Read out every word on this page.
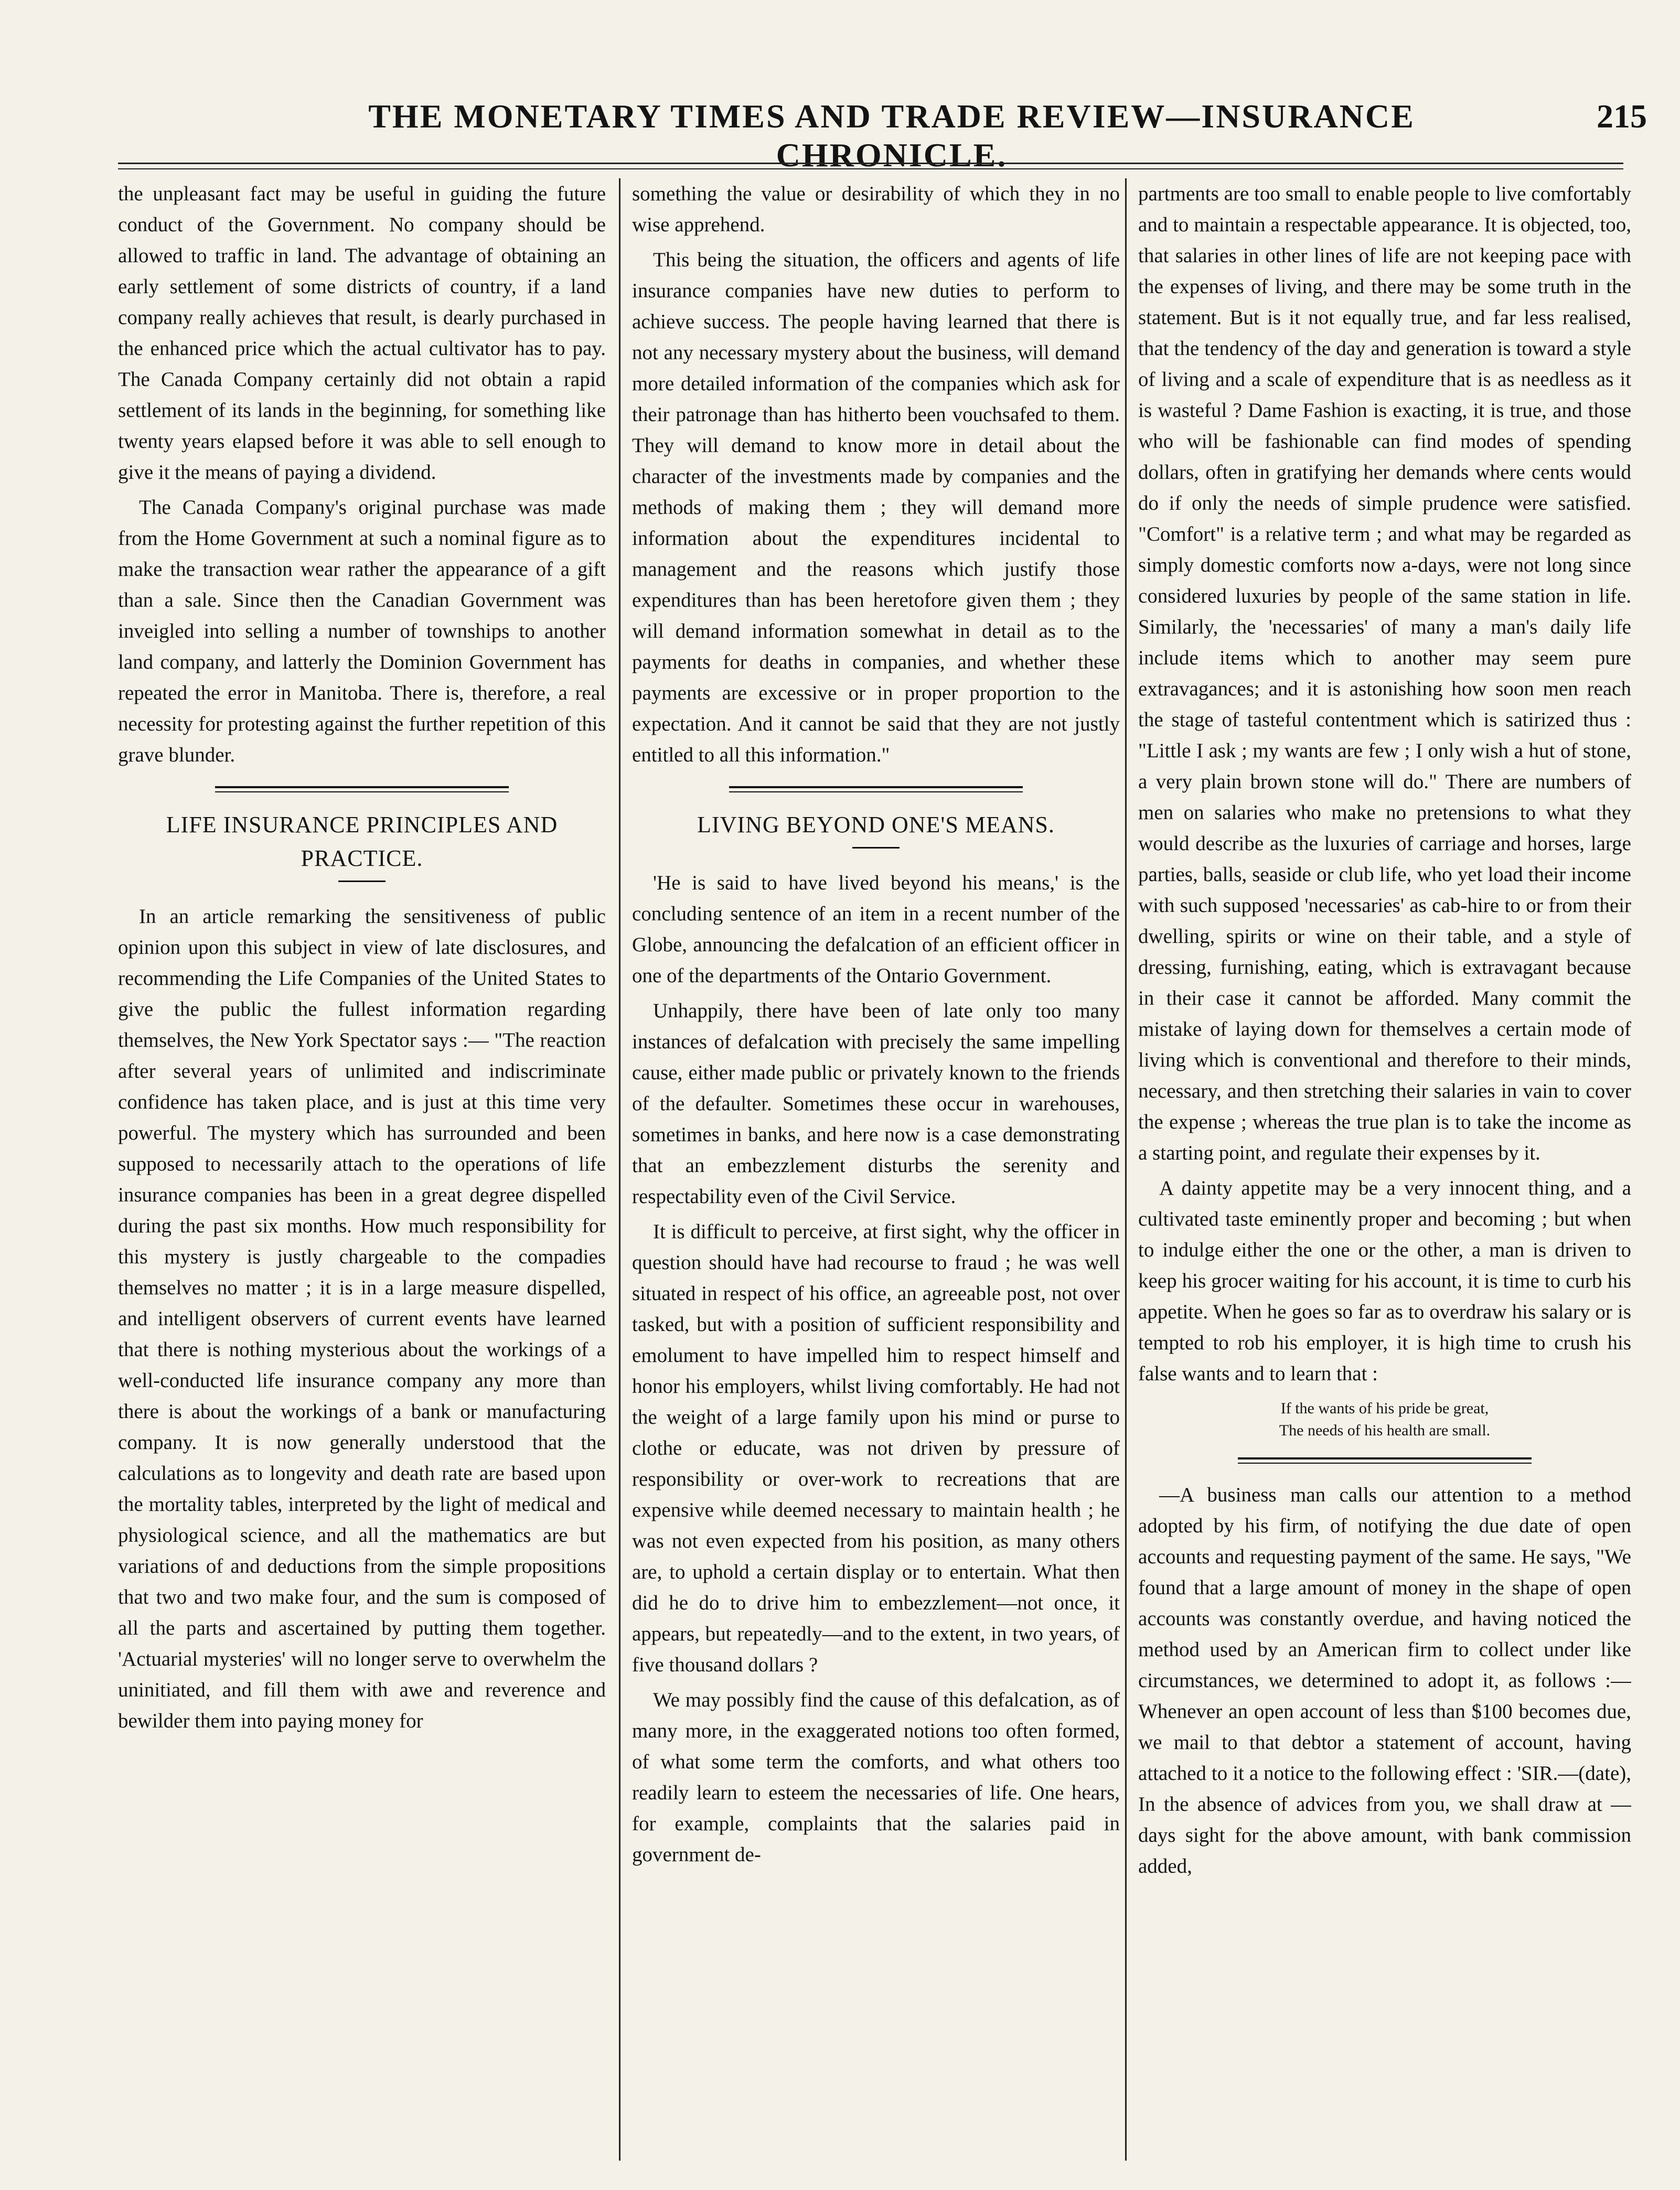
THE MONETARY TIMES AND TRADE REVIEW—INSURANCE CHRONICLE.
215

the unpleasant fact may be useful in guiding the future conduct of the Government. No company should be allowed to traffic in land. The advantage of obtaining an early settlement of some districts of country, if a land company really achieves that result, is dearly purchased in the enhanced price which the actual cultivator has to pay. The Canada Company certainly did not obtain a rapid settlement of its lands in the beginning, for something like twenty years elapsed before it was able to sell enough to give it the means of paying a dividend.

The Canada Company's original purchase was made from the Home Government at such a nominal figure as to make the transaction wear rather the appearance of a gift than a sale. Since then the Canadian Government was inveigled into selling a number of townships to another land company, and latterly the Dominion Government has repeated the error in Manitoba. There is, therefore, a real necessity for protesting against the further repetition of this grave blunder.

LIFE INSURANCE PRINCIPLES AND PRACTICE.

In an article remarking the sensitiveness of public opinion upon this subject in view of late disclosures, and recommending the Life Companies of the United States to give the public the fullest information regarding themselves, the New York Spectator says :— "The reaction after several years of unlimited and indiscriminate confidence has taken place, and is just at this time very powerful. The mystery which has surrounded and been supposed to necessarily attach to the operations of life insurance companies has been in a great degree dispelled during the past six months. How much responsibility for this mystery is justly chargeable to the compadies themselves no matter ; it is in a large measure dispelled, and intelligent observers of current events have learned that there is nothing mysterious about the workings of a well-conducted life insurance company any more than there is about the workings of a bank or manufacturing company. It is now generally understood that the calculations as to longevity and death rate are based upon the mortality tables, interpreted by the light of medical and physiological science, and all the mathematics are but variations of and deductions from the simple propositions that two and two make four, and the sum is composed of all the parts and ascertained by putting them together. 'Actuarial mysteries' will no longer serve to overwhelm the uninitiated, and fill them with awe and reverence and bewilder them into paying money for

something the value or desirability of which they in no wise apprehend.

This being the situation, the officers and agents of life insurance companies have new duties to perform to achieve success. The people having learned that there is not any necessary mystery about the business, will demand more detailed information of the companies which ask for their patronage than has hitherto been vouchsafed to them. They will demand to know more in detail about the character of the investments made by companies and the methods of making them ; they will demand more information about the expenditures incidental to management and the reasons which justify those expenditures than has been heretofore given them ; they will demand information somewhat in detail as to the payments for deaths in companies, and whether these payments are excessive or in proper proportion to the expectation. And it cannot be said that they are not justly entitled to all this information."

LIVING BEYOND ONE'S MEANS.

'He is said to have lived beyond his means,' is the concluding sentence of an item in a recent number of the Globe, announcing the defalcation of an efficient officer in one of the departments of the Ontario Government.

Unhappily, there have been of late only too many instances of defalcation with precisely the same impelling cause, either made public or privately known to the friends of the defaulter. Sometimes these occur in warehouses, sometimes in banks, and here now is a case demonstrating that an embezzlement disturbs the serenity and respectability even of the Civil Service.

It is difficult to perceive, at first sight, why the officer in question should have had recourse to fraud ; he was well situated in respect of his office, an agreeable post, not over tasked, but with a position of sufficient responsibility and emolument to have impelled him to respect himself and honor his employers, whilst living comfortably. He had not the weight of a large family upon his mind or purse to clothe or educate, was not driven by pressure of responsibility or over-work to recreations that are expensive while deemed necessary to maintain health ; he was not even expected from his position, as many others are, to uphold a certain display or to entertain. What then did he do to drive him to embezzlement—not once, it appears, but repeatedly—and to the extent, in two years, of five thousand dollars ?

We may possibly find the cause of this defalcation, as of many more, in the exaggerated notions too often formed, of what some term the comforts, and what others too readily learn to esteem the necessaries of life. One hears, for example, complaints that the salaries paid in government de-

partments are too small to enable people to live comfortably and to maintain a respectable appearance. It is objected, too, that salaries in other lines of life are not keeping pace with the expenses of living, and there may be some truth in the statement. But is it not equally true, and far less realised, that the tendency of the day and generation is toward a style of living and a scale of expenditure that is as needless as it is wasteful ? Dame Fashion is exacting, it is true, and those who will be fashionable can find modes of spending dollars, often in gratifying her demands where cents would do if only the needs of simple prudence were satisfied. "Comfort" is a relative term ; and what may be regarded as simply domestic comforts now a-days, were not long since considered luxuries by people of the same station in life. Similarly, the 'necessaries' of many a man's daily life include items which to another may seem pure extravagances; and it is astonishing how soon men reach the stage of tasteful contentment which is satirized thus : "Little I ask ; my wants are few ; I only wish a hut of stone, a very plain brown stone will do." There are numbers of men on salaries who make no pretensions to what they would describe as the luxuries of carriage and horses, large parties, balls, seaside or club life, who yet load their income with such supposed 'necessaries' as cab-hire to or from their dwelling, spirits or wine on their table, and a style of dressing, furnishing, eating, which is extravagant because in their case it cannot be afforded. Many commit the mistake of laying down for themselves a certain mode of living which is conventional and therefore to their minds, necessary, and then stretching their salaries in vain to cover the expense ; whereas the true plan is to take the income as a starting point, and regulate their expenses by it.

A dainty appetite may be a very innocent thing, and a cultivated taste eminently proper and becoming ; but when to indulge either the one or the other, a man is driven to keep his grocer waiting for his account, it is time to curb his appetite. When he goes so far as to overdraw his salary or is tempted to rob his employer, it is high time to crush his false wants and to learn that :

If the wants of his pride be great,
The needs of his health are small.

—A business man calls our attention to a method adopted by his firm, of notifying the due date of open accounts and requesting payment of the same. He says, "We found that a large amount of money in the shape of open accounts was constantly overdue, and having noticed the method used by an American firm to collect under like circumstances, we determined to adopt it, as follows :—Whenever an open account of less than $100 becomes due, we mail to that debtor a statement of account, having attached to it a notice to the following effect : 'SIR.—(date), In the absence of advices from you, we shall draw at — days sight for the above amount, with bank commission added,
